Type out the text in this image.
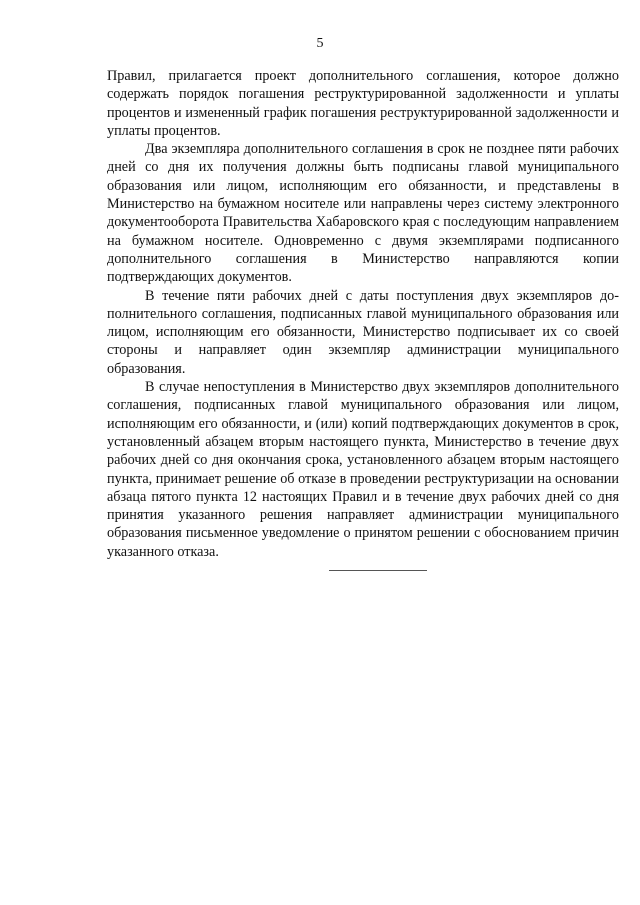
5

Правил, прилагается проект дополнительного соглашения, которое должно содержать порядок погашения реструктурированной задолженности и уплаты процентов и измененный график погашения реструктурированной задолженности и уплаты процентов.

Два экземпляра дополнительного соглашения в срок не позднее пяти рабочих дней со дня их получения должны быть подписаны главой муниципального образования или лицом, исполняющим его обязанности, и представлены в Министерство на бумажном носителе или направлены через систему электронного документооборота Правительства Хабаровского края с последующим направлением на бумажном носителе. Одновременно с двумя экземплярами подписанного дополнительного соглашения в Министерство направляются копии подтверждающих документов.

В течение пяти рабочих дней с даты поступления двух экземпляров дополнительного соглашения, подписанных главой муниципального образования или лицом, исполняющим его обязанности, Министерство подписывает их со своей стороны и направляет один экземпляр администрации муниципального образования.

В случае непоступления в Министерство двух экземпляров дополнительного соглашения, подписанных главой муниципального образования или лицом, исполняющим его обязанности, и (или) копий подтверждающих документов в срок, установленный абзацем вторым настоящего пункта, Министерство в течение двух рабочих дней со дня окончания срока, установленного абзацем вторым настоящего пункта, принимает решение об отказе в проведении реструктуризации на основании абзаца пятого пункта 12 настоящих Правил и в течение двух рабочих дней со дня принятия указанного решения направляет администрации муниципального образования письменное уведомление о принятом решении с обоснованием причин указанного отказа.
